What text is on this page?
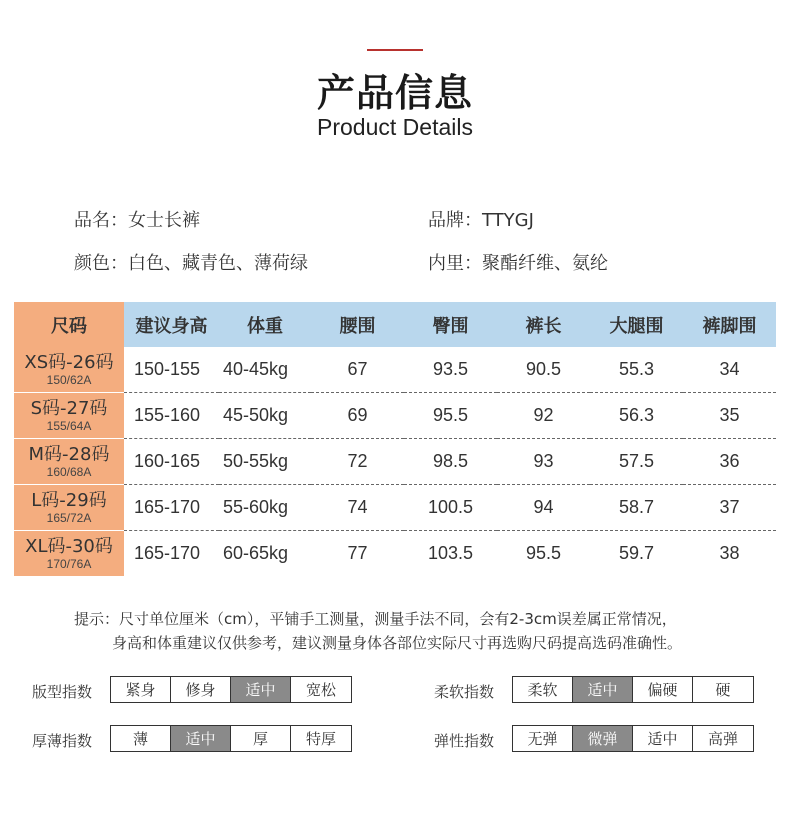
产品信息
Product Details
品名：女士长裤	品牌：TTYGJ
颜色：白色、藏青色、薄荷绿	内里：聚酯纤维、氨纶
尺码	建议身高	体重	腰围	臀围	裤长	大腿围	裤脚围

XS码-26码
150/62A	150-155	40-45kg	67	93.5	90.5	55.3	34

S码-27码
155/64A	155-160	45-50kg	69	95.5	92	56.3	35

M码-28码
160/68A	160-165	50-55kg	72	98.5	93	57.5	36

L码-29码
165/72A	165-170	55-60kg	74	100.5	94	58.7	37

XL码-30码
170/76A	165-170	60-65kg	77	103.5	95.5	59.7	38
提示：尺寸单位厘米（cm），平铺手工测量，测量手法不同，会有2-3cm误差属正常情况，
身高和体重建议仅供参考，建议测量身体各部位实际尺寸再选购尺码提高选码准确性。
版型指数	紧身	修身	适中	宽松	柔软指数	柔软	适中	偏硬	硬
厚薄指数	薄	适中	厚	特厚	弹性指数	无弹	微弹	适中	高弹
